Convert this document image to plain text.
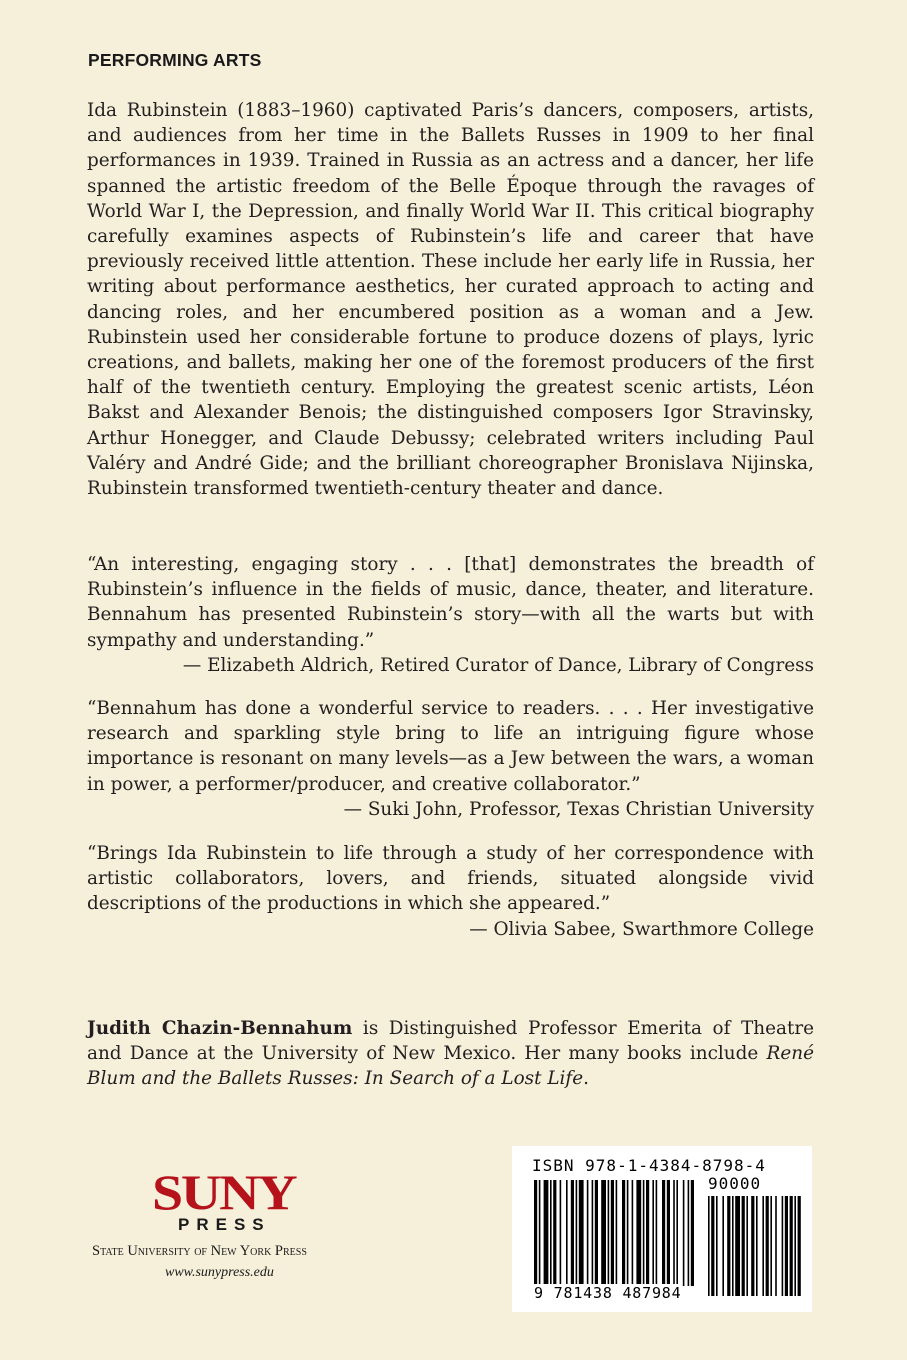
PERFORMING ARTS

Ida Rubinstein (1883–1960) captivated Paris’s dancers, composers, artists, and audiences from her time in the Ballets Russes in 1909 to her final performances in 1939. Trained in Russia as an actress and a dancer, her life spanned the artistic freedom of the Belle Époque through the ravages of World War I, the Depression, and finally World War II. This critical biography carefully examines aspects of Rubinstein’s life and career that have previously received little attention. These include her early life in Russia, her writing about performance aesthetics, her curated approach to acting and dancing roles, and her encumbered position as a woman and a Jew. Rubinstein used her considerable fortune to produce dozens of plays, lyric creations, and ballets, making her one of the foremost producers of the first half of the twentieth century. Employing the greatest scenic artists, Léon Bakst and Alexander Benois; the distinguished composers Igor Stravinsky, Arthur Honegger, and Claude Debussy; celebrated writers including Paul Valéry and André Gide; and the brilliant choreographer Bronislava Nijinska, Rubinstein transformed twentieth-century theater and dance.

“An interesting, engaging story . . . [that] demonstrates the breadth of Rubinstein’s influence in the fields of music, dance, theater, and literature. Bennahum has presented Rubinstein’s story—with all the warts but with sympathy and understanding.”

— Elizabeth Aldrich, Retired Curator of Dance, Library of Congress

“Bennahum has done a wonderful service to readers. . . . Her investigative research and sparkling style bring to life an intriguing figure whose importance is resonant on many levels—as a Jew between the wars, a woman in power, a performer/producer, and creative collaborator.”

— Suki John, Professor, Texas Christian University

“Brings Ida Rubinstein to life through a study of her correspondence with artistic collaborators, lovers, and friends, situated alongside vivid descriptions of the productions in which she appeared.”

— Olivia Sabee, Swarthmore College

Judith Chazin-Bennahum is Distinguished Professor Emerita of Theatre and Dance at the University of New Mexico. Her many books include René Blum and the Ballets Russes: In Search of a Lost Life.

SUNY
PRESS
State University of New York Press
www.sunypress.edu
ISBN 978-1-4384-8798-4
90000
9 781438 487984
